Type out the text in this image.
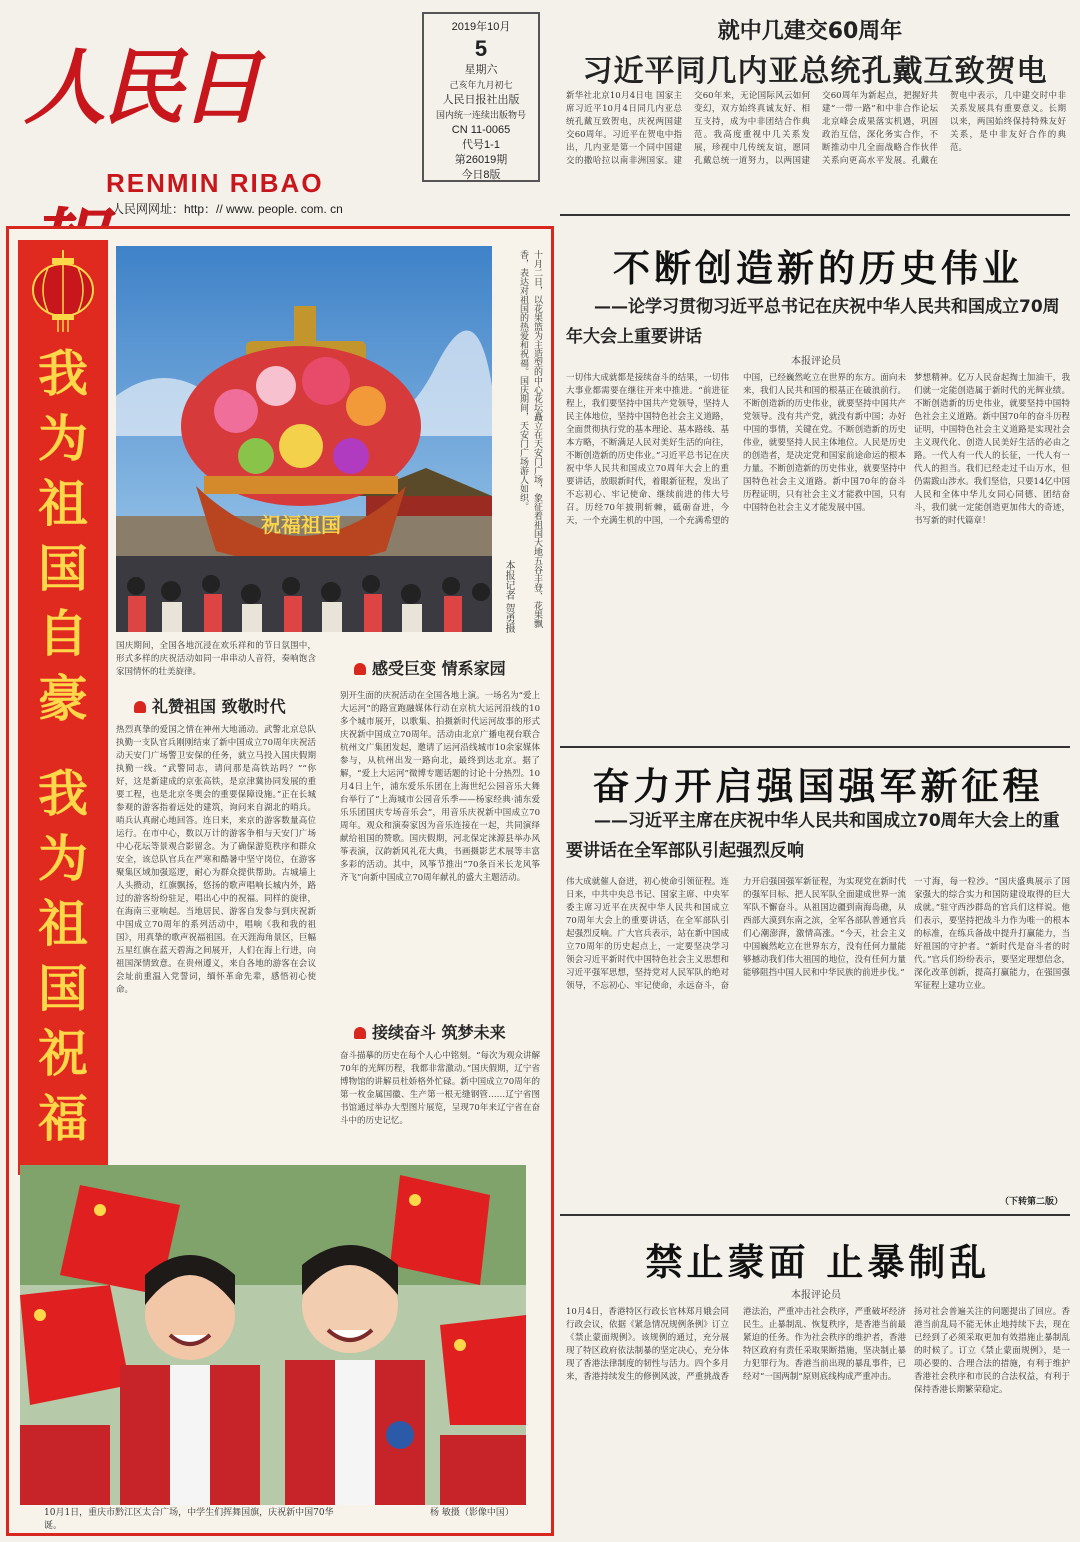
人民日
RENMIN RIBAO
人民网网址：http：// www. people. com. cn
2019年10月
5
星期六
己亥年九月初七
人民日报社出版
国内统一连续出版物号
CN 11-0065
代号1-1
第26019期
今日8版
就中几建交60周年
习近平同几内亚总统孔戴互致贺电
新华社北京10月4日电 国家主席习近平10月4日同几内亚总统孔戴互致贺电，庆祝两国建交60周年。习近平在贺电中指出，几内亚是第一个同中国建交的撒哈拉以南非洲国家。建交60年来，无论国际风云如何变幻，双方始终真诚友好、相互支持，成为中非团结合作典范。我高度重视中几关系发展，珍视中几传统友谊，愿同孔戴总统一道努力，以两国建交60周年为新起点，把握好共建“一带一路”和中非合作论坛北京峰会成果落实机遇，巩固政治互信，深化务实合作，不断推动中几全面战略合作伙伴关系向更高水平发展。孔戴在贺电中表示，几中建交时中非关系发展具有重要意义。长期以来，两国始终保持特殊友好关系，是中非友好合作的典范。
我
为
祖
国
自
豪
我
为
祖
国
祝
福
祝福祖国	十月二日，以花果篮为主造型的中心花坛矗立在天安门广场，象征着祖国大地五谷丰登、花果飘香，表达对祖国的热爱和祝福。国庆期间，天安门广场游人如织。
本报记者 贺勇摄
国庆期间，全国各地沉浸在欢乐祥和的节日氛围中，形式多样的庆祝活动如同一串串动人音符，奏响饱含家国情怀的壮美旋律。
礼赞祖国 致敬时代
热烈真挚的爱国之情在神州大地涌动。武警北京总队执勤一支队官兵刚刚结束了新中国成立70周年庆祝活动天安门广场警卫安保的任务，就立马投入国庆假期执勤一线。“武警同志，请问那是高铁站吗？”“你好，这是新建成的京张高铁，是京津冀协同发展的重要工程，也是北京冬奥会的重要保障设施。”正在长城参观的游客指着远处的建筑，询问来自湖北的哨兵。哨兵认真耐心地回答。连日来，来京的游客数量高位运行。在市中心，数以万计的游客争相与天安门广场中心花坛等景观合影留念。为了确保游览秩序和群众安全，该总队官兵在严寒和酷暑中坚守岗位，在游客聚集区域加强巡逻，耐心为群众提供帮助。古城墙上人头攒动，红旗飘扬，悠扬的歌声唱响长城内外，路过的游客纷纷驻足，唱出心中的祝福。同样的旋律，在海南三亚响起。当地居民、游客自发参与到庆祝新中国成立70周年的系列活动中，唱响《我和我的祖国》，用真挚的歌声祝福祖国。在天涯海角景区，巨幅五星红旗在蓝天碧海之间展开，人们在海上行进，向祖国深情致意。在贵州遵义，来自各地的游客在会议会址前重温入党誓词，缅怀革命先辈，感悟初心使命。
感受巨变 情系家园
别开生面的庆祝活动在全国各地上演。一场名为“爱上大运河”的路宣跑融媒体行动在京杭大运河沿线的10多个城市展开，以歌集、拍摄新时代运河故事的形式庆祝新中国成立70周年。活动由北京广播电视台联合杭州文广集团发起，邀请了运河沿线城市10余家媒体参与，从杭州出发一路向北，最终到达北京。据了解，“爱上大运河”微博专题话题的讨论十分热烈。10月4日上午，浦东爱乐乐团在上海世纪公园音乐大舞台举行了“上海城市公园音乐季——杨家经典·浦东爱乐乐团国庆专场音乐会”，用音乐庆祝新中国成立70周年。观众和演奏家因为音乐连接在一起，共同演绎献给祖国的赞歌。国庆假期，河北保定涞源县举办风筝表演，汉韵新风礼花大典，书画摄影艺术展等丰富多彩的活动。其中，风筝节推出“70条百米长龙风筝齐飞”向新中国成立70周年献礼的盛大主题活动。
接续奋斗 筑梦未来
奋斗描摹的历史在每个人心中铭刻。“每次为观众讲解70年的光辉历程，我都非常激动。”国庆假期，辽宁省博物馆的讲解员杜娇格外忙碌。新中国成立70周年的第一枚金属国徽、生产第一根无缝钢管……辽宁省图书馆通过举办大型图片展览，呈现70年来辽宁省在奋斗中的历史记忆。
10月1日，重庆市黔江区太合广场，中学生们挥舞国旗，庆祝新中国70华诞。
杨 敏摄（影像中国）
不断创造新的历史伟业
——论学习贯彻习近平总书记在庆祝中华人民共和国成立70周年大会上重要讲话
本报评论员
一切伟大成就都是接续奋斗的结果，一切伟大事业都需要在继往开来中推进。“前进征程上，我们要坚持中国共产党领导，坚持人民主体地位，坚持中国特色社会主义道路，全面贯彻执行党的基本理论、基本路线、基本方略，不断满足人民对美好生活的向往，不断创造新的历史伟业。”习近平总书记在庆祝中华人民共和国成立70周年大会上的重要讲话，放眼新时代，着眼新征程，发出了不忘初心、牢记使命、继续前进的伟大号召。历经70年披荆斩棘，砥砺奋进，今天，一个充满生机的中国，一个充满希望的中国，已经巍然屹立在世界的东方。面向未来，我们人民共和国的根基正在破浪前行。不断创造新的历史伟业，就要坚持中国共产党领导。没有共产党，就没有新中国；办好中国的事情，关键在党。不断创造新的历史伟业，就要坚持人民主体地位。人民是历史的创造者，是决定党和国家前途命运的根本力量。不断创造新的历史伟业，就要坚持中国特色社会主义道路。新中国70年的奋斗历程证明，只有社会主义才能救中国，只有中国特色社会主义才能发展中国。
梦想精神。亿万人民奋起掏土加油干，我们就一定能创造属于新时代的光辉业绩。不断创造新的历史伟业，就要坚持中国特色社会主义道路。新中国70年的奋斗历程证明，中国特色社会主义道路是实现社会主义现代化、创造人民美好生活的必由之路。一代人有一代人的长征，一代人有一代人的担当。我们已经走过千山万水，但仍需跋山涉水。我们坚信，只要14亿中国人民和全体中华儿女同心同德、团结奋斗，我们就一定能创造更加伟大的奇迹，书写新的时代篇章！
奋力开启强国强军新征程
——习近平主席在庆祝中华人民共和国成立70周年大会上的重要讲话在全军部队引起强烈反响
伟大成就催人奋进，初心使命引领征程。连日来，中共中央总书记、国家主席、中央军委主席习近平在庆祝中华人民共和国成立70周年大会上的重要讲话，在全军部队引起强烈反响。广大官兵表示，站在新中国成立70周年的历史起点上，一定要坚决学习领会习近平新时代中国特色社会主义思想和习近平强军思想，坚持党对人民军队的绝对领导，不忘初心、牢记使命，永远奋斗，奋力开启强国强军新征程，为实现党在新时代的强军目标、把人民军队全面建成世界一流军队不懈奋斗。从祖国边疆到南海岛礁，从西部大漠到东南之滨，全军各部队普通官兵们心潮澎湃，激情高涨。“今天，社会主义中国巍然屹立在世界东方，没有任何力量能够撼动我们伟大祖国的地位，没有任何力量能够阻挡中国人民和中华民族的前进步伐。”
一寸海，每一粒沙。“国庆盛典展示了国家强大的综合实力和国防建设取得的巨大成就。”驻守西沙群岛的官兵们这样说。他们表示，要坚持把战斗力作为唯一的根本的标准，在练兵备战中提升打赢能力，当好祖国的守护者。“新时代是奋斗者的时代。”官兵们纷纷表示，要坚定理想信念，深化改革创新，提高打赢能力，在强国强军征程上建功立业。
（下转第二版）
禁止蒙面 止暴制乱
本报评论员
10月4日，香港特区行政长官林郑月娥会同行政会议，依据《紧急情况规例条例》订立《禁止蒙面规例》。该规例的通过，充分展现了特区政府依法制暴的坚定决心，充分体现了香港法律制度的韧性与活力。四个多月来，香港持续发生的修例风波，严重挑战香港法治，严重冲击社会秩序，严重破坏经济民生。止暴制乱、恢复秩序，是香港当前最紧迫的任务。作为社会秩序的维护者，香港特区政府有责任采取果断措施，坚决制止暴力犯罪行为。香港当前出现的暴乱事件，已经对“一国两制”原则底线构成严重冲击。
扬对社会普遍关注的问题提出了回应。香港当前乱局不能无休止地持续下去，现在已经到了必须采取更加有效措施止暴制乱的时候了。订立《禁止蒙面规例》，是一项必要的、合理合法的措施，有利于维护香港社会秩序和市民的合法权益，有利于保持香港长期繁荣稳定。
